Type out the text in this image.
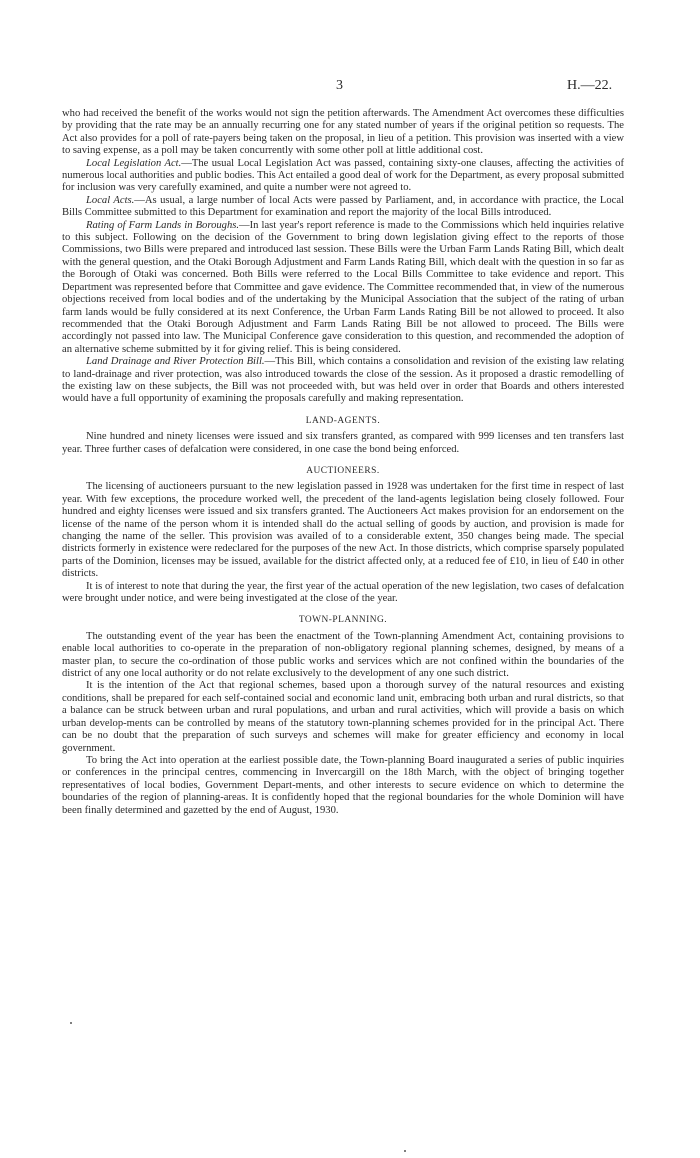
3	H.—22.

who had received the benefit of the works would not sign the petition afterwards. The Amendment Act overcomes these difficulties by providing that the rate may be an annually recurring one for any stated number of years if the original petition so requests. The Act also provides for a poll of rate-payers being taken on the proposal, in lieu of a petition. This provision was inserted with a view to saving expense, as a poll may be taken concurrently with some other poll at little additional cost.

Local Legislation Act.—The usual Local Legislation Act was passed, containing sixty-one clauses, affecting the activities of numerous local authorities and public bodies. This Act entailed a good deal of work for the Department, as every proposal submitted for inclusion was very carefully examined, and quite a number were not agreed to.

Local Acts.—As usual, a large number of local Acts were passed by Parliament, and, in accordance with practice, the Local Bills Committee submitted to this Department for examination and report the majority of the local Bills introduced.

Rating of Farm Lands in Boroughs.—In last year's report reference is made to the Commissions which held inquiries relative to this subject. Following on the decision of the Government to bring down legislation giving effect to the reports of those Commissions, two Bills were prepared and introduced last session. These Bills were the Urban Farm Lands Rating Bill, which dealt with the general question, and the Otaki Borough Adjustment and Farm Lands Rating Bill, which dealt with the question in so far as the Borough of Otaki was concerned. Both Bills were referred to the Local Bills Committee to take evidence and report. This Department was represented before that Committee and gave evidence. The Committee recommended that, in view of the numerous objections received from local bodies and of the undertaking by the Municipal Association that the subject of the rating of urban farm lands would be fully considered at its next Conference, the Urban Farm Lands Rating Bill be not allowed to proceed. It also recommended that the Otaki Borough Adjustment and Farm Lands Rating Bill be not allowed to proceed. The Bills were accordingly not passed into law. The Municipal Conference gave consideration to this question, and recommended the adoption of an alternative scheme submitted by it for giving relief. This is being considered.

Land Drainage and River Protection Bill.—This Bill, which contains a consolidation and revision of the existing law relating to land-drainage and river protection, was also introduced towards the close of the session. As it proposed a drastic remodelling of the existing law on these subjects, the Bill was not proceeded with, but was held over in order that Boards and others interested would have a full opportunity of examining the proposals carefully and making representation.

LAND-AGENTS.

Nine hundred and ninety licenses were issued and six transfers granted, as compared with 999 licenses and ten transfers last year. Three further cases of defalcation were considered, in one case the bond being enforced.

AUCTIONEERS.

The licensing of auctioneers pursuant to the new legislation passed in 1928 was undertaken for the first time in respect of last year. With few exceptions, the procedure worked well, the precedent of the land-agents legislation being closely followed. Four hundred and eighty licenses were issued and six transfers granted. The Auctioneers Act makes provision for an endorsement on the license of the name of the person whom it is intended shall do the actual selling of goods by auction, and provision is made for changing the name of the seller. This provision was availed of to a considerable extent, 350 changes being made. The special districts formerly in existence were redeclared for the purposes of the new Act. In those districts, which comprise sparsely populated parts of the Dominion, licenses may be issued, available for the district affected only, at a reduced fee of £10, in lieu of £40 in other districts.

It is of interest to note that during the year, the first year of the actual operation of the new legislation, two cases of defalcation were brought under notice, and were being investigated at the close of the year.

TOWN-PLANNING.

The outstanding event of the year has been the enactment of the Town-planning Amendment Act, containing provisions to enable local authorities to co-operate in the preparation of non-obligatory regional planning schemes, designed, by means of a master plan, to secure the co-ordination of those public works and services which are not confined within the boundaries of the district of any one local authority or do not relate exclusively to the development of any one such district.

It is the intention of the Act that regional schemes, based upon a thorough survey of the natural resources and existing conditions, shall be prepared for each self-contained social and economic land unit, embracing both urban and rural districts, so that a balance can be struck between urban and rural populations, and urban and rural activities, which will provide a basis on which urban develop-ments can be controlled by means of the statutory town-planning schemes provided for in the principal Act. There can be no doubt that the preparation of such surveys and schemes will make for greater efficiency and economy in local government.

To bring the Act into operation at the earliest possible date, the Town-planning Board inaugurated a series of public inquiries or conferences in the principal centres, commencing in Invercargill on the 18th March, with the object of bringing together representatives of local bodies, Government Depart-ments, and other interests to secure evidence on which to determine the boundaries of the region of planning-areas. It is confidently hoped that the regional boundaries for the whole Dominion will have been finally determined and gazetted by the end of August, 1930.
